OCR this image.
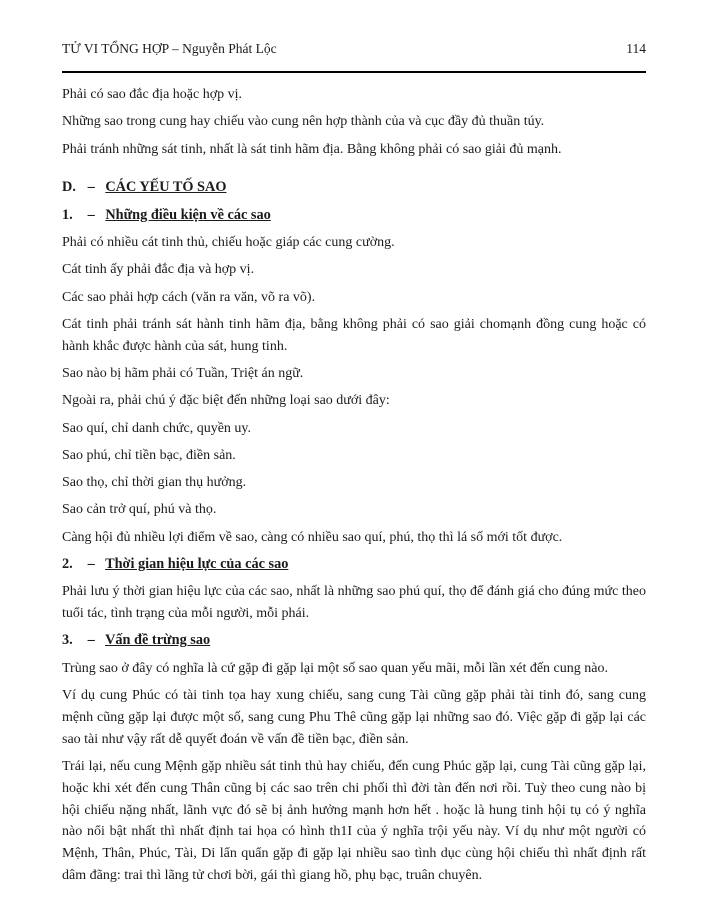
TỬ VI TỔNG HỢP – Nguyễn Phát Lộc	114

Phải có sao đắc địa hoặc hợp vị.

Những sao trong cung hay chiếu vào cung nên hợp thành của và cục đầy đủ thuần túy.

Phải tránh những sát tinh, nhất là sát tinh hãm địa. Bằng không phải có sao giải đủ mạnh.

D. – CÁC YẾU TỐ SAO

1. – Những điều kiện về các sao

Phải có nhiều cát tinh thủ, chiếu hoặc giáp các cung cường.

Cát tinh ấy phải đắc địa và hợp vị.

Các sao phải hợp cách (văn ra văn, võ ra võ).

Cát tinh phải tránh sát hành tinh hãm địa, bằng không phải có sao giải chomạnh đồng cung hoặc có hành khắc được hành của sát, hung tinh.

Sao nào bị hãm phải có Tuần, Triệt án ngữ.

Ngoài ra, phải chú ý đặc biệt đến những loại sao dưới đây:

Sao quí, chỉ danh chức, quyền uy.

Sao phú, chỉ tiền bạc, điền sản.

Sao thọ, chỉ thời gian thụ hưởng.

Sao cản trở quí, phú và thọ.

Càng hội đủ nhiều lợi điểm về sao, càng có nhiều sao quí, phú, thọ thì lá số mới tốt được.

2. – Thời gian hiệu lực của các sao

Phải lưu ý thời gian hiệu lực của các sao, nhất là những sao phú quí, thọ để đánh giá cho đúng mức theo tuổi tác, tình trạng của mỗi người, mỗi phái.

3. – Vấn đề trừng sao

Trùng sao ở đây có nghĩa là cứ gặp đi gặp lại một số sao quan yếu mãi, mỗi lần xét đến cung nào.

Ví dụ cung Phúc có tài tinh tọa hay xung chiếu, sang cung Tài cũng gặp phải tài tinh đó, sang cung mệnh cũng gặp lại được một số, sang cung Phu Thê cũng gặp lại những sao đó. Việc gặp đi gặp lại các sao tài như vậy rất dễ quyết đoán về vấn đề tiền bạc, điền sản.

Trái lại, nếu cung Mệnh gặp nhiều sát tinh thủ hay chiếu, đến cung Phúc gặp lại, cung Tài cũng gặp lại, hoặc khi xét đến cung Thân cũng bị các sao trên chi phối thì đời tàn đến nơi rồi. Tuỳ theo cung nào bị hội chiếu nặng nhất, lãnh vực đó sẽ bị ảnh hưởng mạnh hơn hết . hoặc là hung tinh hội tụ có ý nghĩa nào nổi bật nhất thì nhất định tai họa có hình th1I của ý nghĩa trội yếu này. Ví dụ như một người có Mệnh, Thân, Phúc, Tài, Di lẩn quẩn gặp đi gặp lại nhiều sao tình dục cùng hội chiếu thì nhất định rất dâm đãng: trai thì lãng tử chơi bời, gái thì giang hồ, phụ bạc, truân chuyên.
